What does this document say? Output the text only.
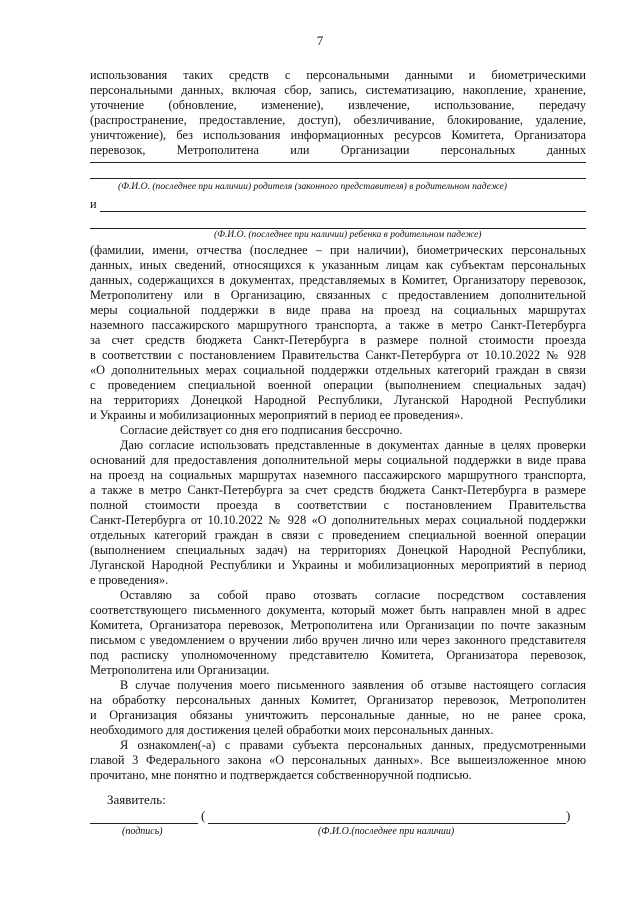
7
использования таких средств с персональными данными и биометрическими
персональными данных, включая сбор, запись, систематизацию, накопление, хранение,
уточнение (обновление, изменение), извлечение, использование, передачу
(распространение, предоставление, доступ), обезличивание, блокирование, удаление,
уничтожение), без использования информационных ресурсов Комитета, Организатора
перевозок, Метрополитена или Организации персональных данных
(Ф.И.О. (последнее при наличии) родителя (законного представителя) в родительном падеже)
и
(Ф.И.О. (последнее при наличии) ребенка в родительном падеже)
(фамилии, имени, отчества (последнее – при наличии), биометрических персональных
данных, иных сведений, относящихся к указанным лицам как субъектам персональных
данных, содержащихся в документах, представляемых в Комитет, Организатору перевозок,
Метрополитену или в Организацию, связанных с предоставлением дополнительной
меры социальной поддержки в виде права на проезд на социальных маршрутах
наземного пассажирского маршрутного транспорта, а также в метро Санкт-Петербурга
за счет средств бюджета Санкт-Петербурга в размере полной стоимости проезда
в соответствии с постановлением Правительства Санкт-Петербурга от 10.10.2022 № 928
«О дополнительных мерах социальной поддержки отдельных категорий граждан в связи
с проведением специальной военной операции (выполнением специальных задач)
на территориях Донецкой Народной Республики, Луганской Народной Республики
и Украины и мобилизационных мероприятий в период ее проведения».
Согласие действует со дня его подписания бессрочно.
Даю согласие использовать представленные в документах данные в целях проверки
оснований для предоставления дополнительной меры социальной поддержки в виде права
на проезд на социальных маршрутах наземного пассажирского маршрутного транспорта,
а также в метро Санкт-Петербурга за счет средств бюджета Санкт-Петербурга в размере
полной стоимости проезда в соответствии с постановлением Правительства
Санкт-Петербурга от 10.10.2022 № 928 «О дополнительных мерах социальной поддержки
отдельных категорий граждан в связи с проведением специальной военной операции
(выполнением специальных задач) на территориях Донецкой Народной Республики,
Луганской Народной Республики и Украины и мобилизационных мероприятий в период
е проведения».
Оставляю за собой право отозвать согласие посредством составления
соответствующего письменного документа, который может быть направлен мной в адрес
Комитета, Организатора перевозок, Метрополитена или Организации по почте заказным
письмом с уведомлением о вручении либо вручен лично или через законного представителя
под расписку уполномоченному представителю Комитета, Организатора перевозок,
Метрополитена или Организации.
В случае получения моего письменного заявления об отзыве настоящего согласия
на обработку персональных данных Комитет, Организатор перевозок, Метрополитен
и Организация обязаны уничтожить персональные данные, но не ранее срока,
необходимого для достижения целей обработки моих персональных данных.
Я ознакомлен(-а) с правами субъекта персональных данных, предусмотренными
главой 3 Федерального закона «О персональных данных». Все вышеизложенное мною
прочитано, мне понятно и подтверждается собственноручной подписью.
Заявитель:
(	)
(подпись)	(Ф.И.О.(последнее при наличии)
